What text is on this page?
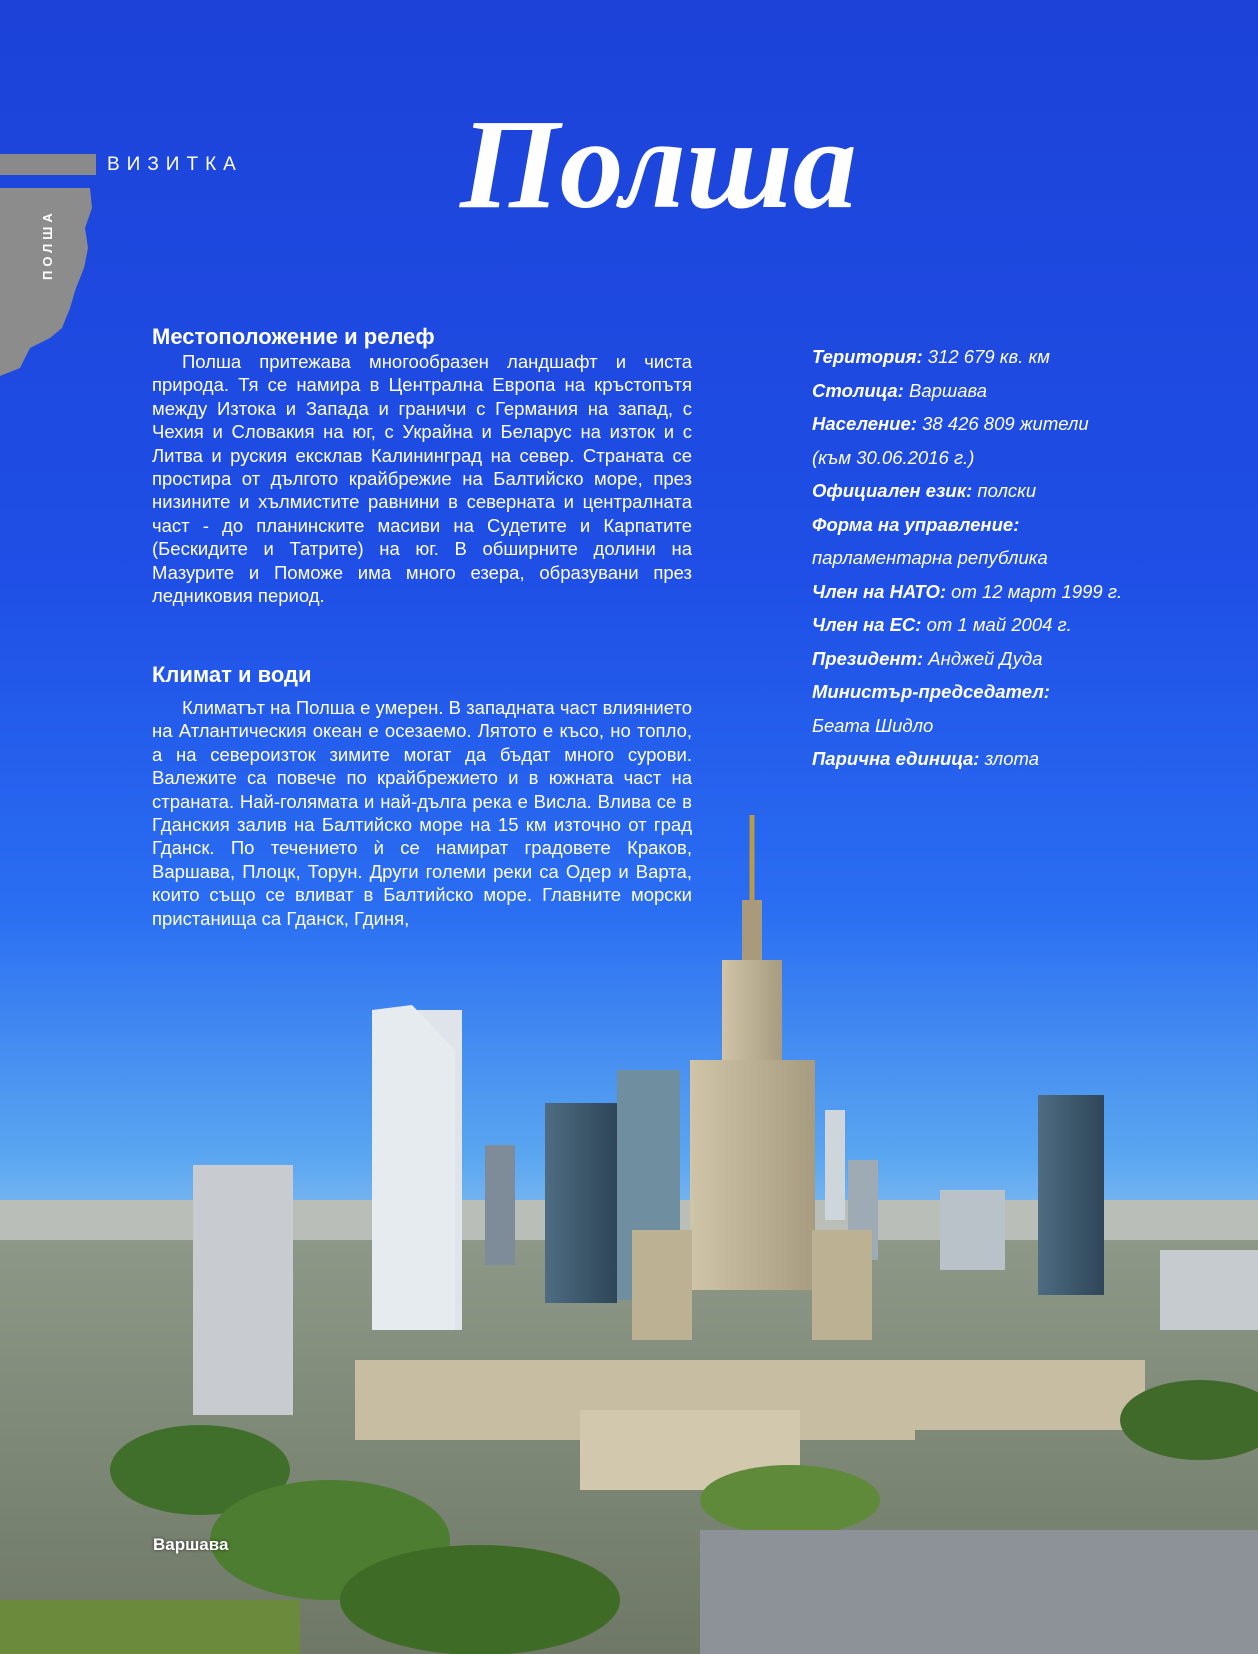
ВИЗИТКА
ПОЛША
Полша
Местоположение и релеф
Полша притежава многообразен ландшафт и чиста природа. Тя се намира в Централна Европа на кръстопътя между Изтока и Запада и граничи с Германия на запад, с Чехия и Словакия на юг, с Украйна и Беларус на изток и с Литва и руския ексклав Калининград на север. Страната се простира от дългото крайбрежие на Балтийско море, през низините и хълмистите равнини в северната и централната част - до планинските масиви на Судетите и Карпатите (Бескидите и Татрите) на юг. В обширните долини на Мазурите и Поможе има много езера, образувани през ледниковия период.
Климат и води
Климатът на Полша е умерен. В западната част влиянието на Атлантическия океан е осезаемо. Лятото е късо, но топло, а на североизток зимите могат да бъдат много сурови. Валежите са повече по крайбрежието и в южната част на страната. Най-голямата и най-дълга река е Висла. Влива се в Гданския залив на Балтийско море на 15 км източно от град Гданск. По течението ѝ се намират градовете Краков, Варшава, Плоцк, Торун. Други големи реки са Одер и Варта, които също се вливат в Балтийско море. Главните морски пристанища са Гданск, Гдиня,
Територия: 312 679 кв. км
Столица: Варшава
Население: 38 426 809 жители
(към 30.06.2016 г.)
Официален език: полски
Форма на управление:
парламентарна република
Член на НАТО: от 12 март 1999 г.
Член на ЕС: от 1 май 2004 г.
Президент: Анджей Дуда
Министър-председател:
Беата Шидло
Парична единица: злота
Варшава
